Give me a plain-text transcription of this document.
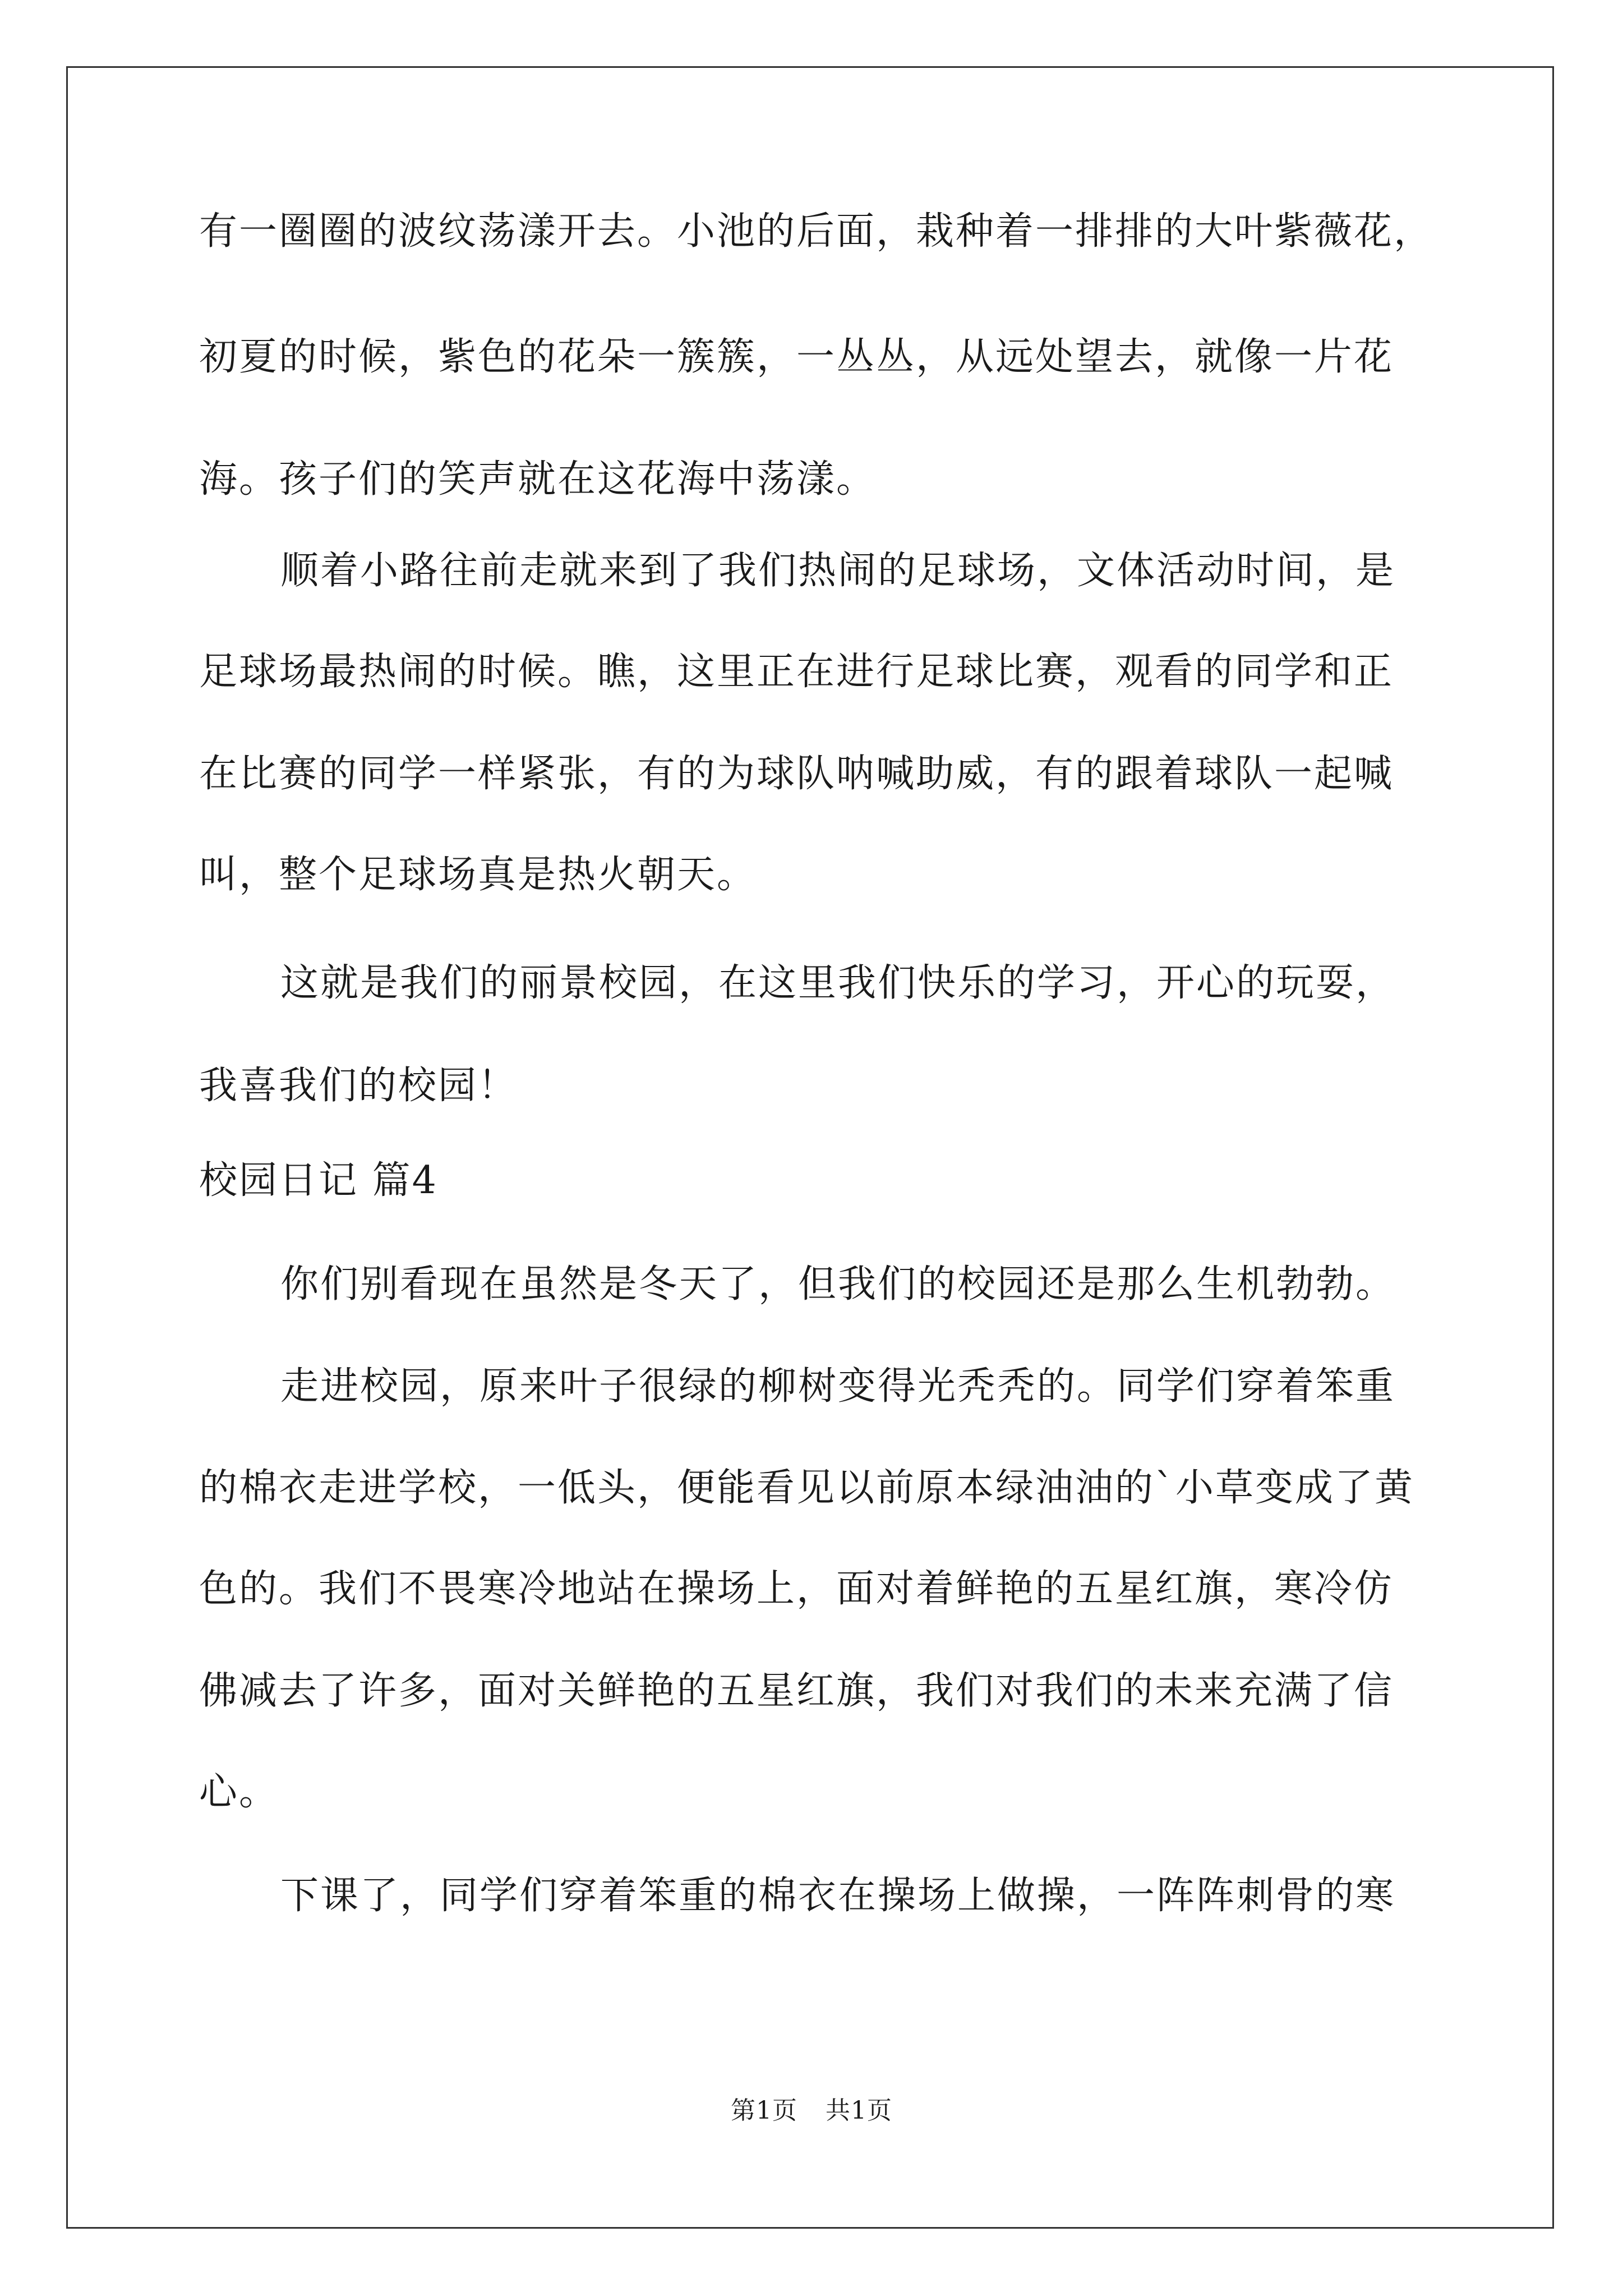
有一圈圈的波纹荡漾开去。小池的后面，栽种着一排排的大叶紫薇花，
初夏的时候，紫色的花朵一簇簇，一丛丛，从远处望去，就像一片花
海。孩子们的笑声就在这花海中荡漾。
顺着小路往前走就来到了我们热闹的足球场，文体活动时间，是
足球场最热闹的时候。瞧，这里正在进行足球比赛，观看的同学和正
在比赛的同学一样紧张，有的为球队呐喊助威，有的跟着球队一起喊
叫，整个足球场真是热火朝天。
这就是我们的丽景校园，在这里我们快乐的学习，开心的玩耍，
我喜我们的校园！
校园日记 篇4
你们别看现在虽然是冬天了，但我们的校园还是那么生机勃勃。
走进校园，原来叶子很绿的柳树变得光秃秃的。同学们穿着笨重
的棉衣走进学校，一低头，便能看见以前原本绿油油的`小草变成了黄
色的。我们不畏寒冷地站在操场上，面对着鲜艳的五星红旗，寒冷仿
佛减去了许多，面对关鲜艳的五星红旗，我们对我们的未来充满了信
心。
下课了，同学们穿着笨重的棉衣在操场上做操，一阵阵刺骨的寒
第1页 共1页
